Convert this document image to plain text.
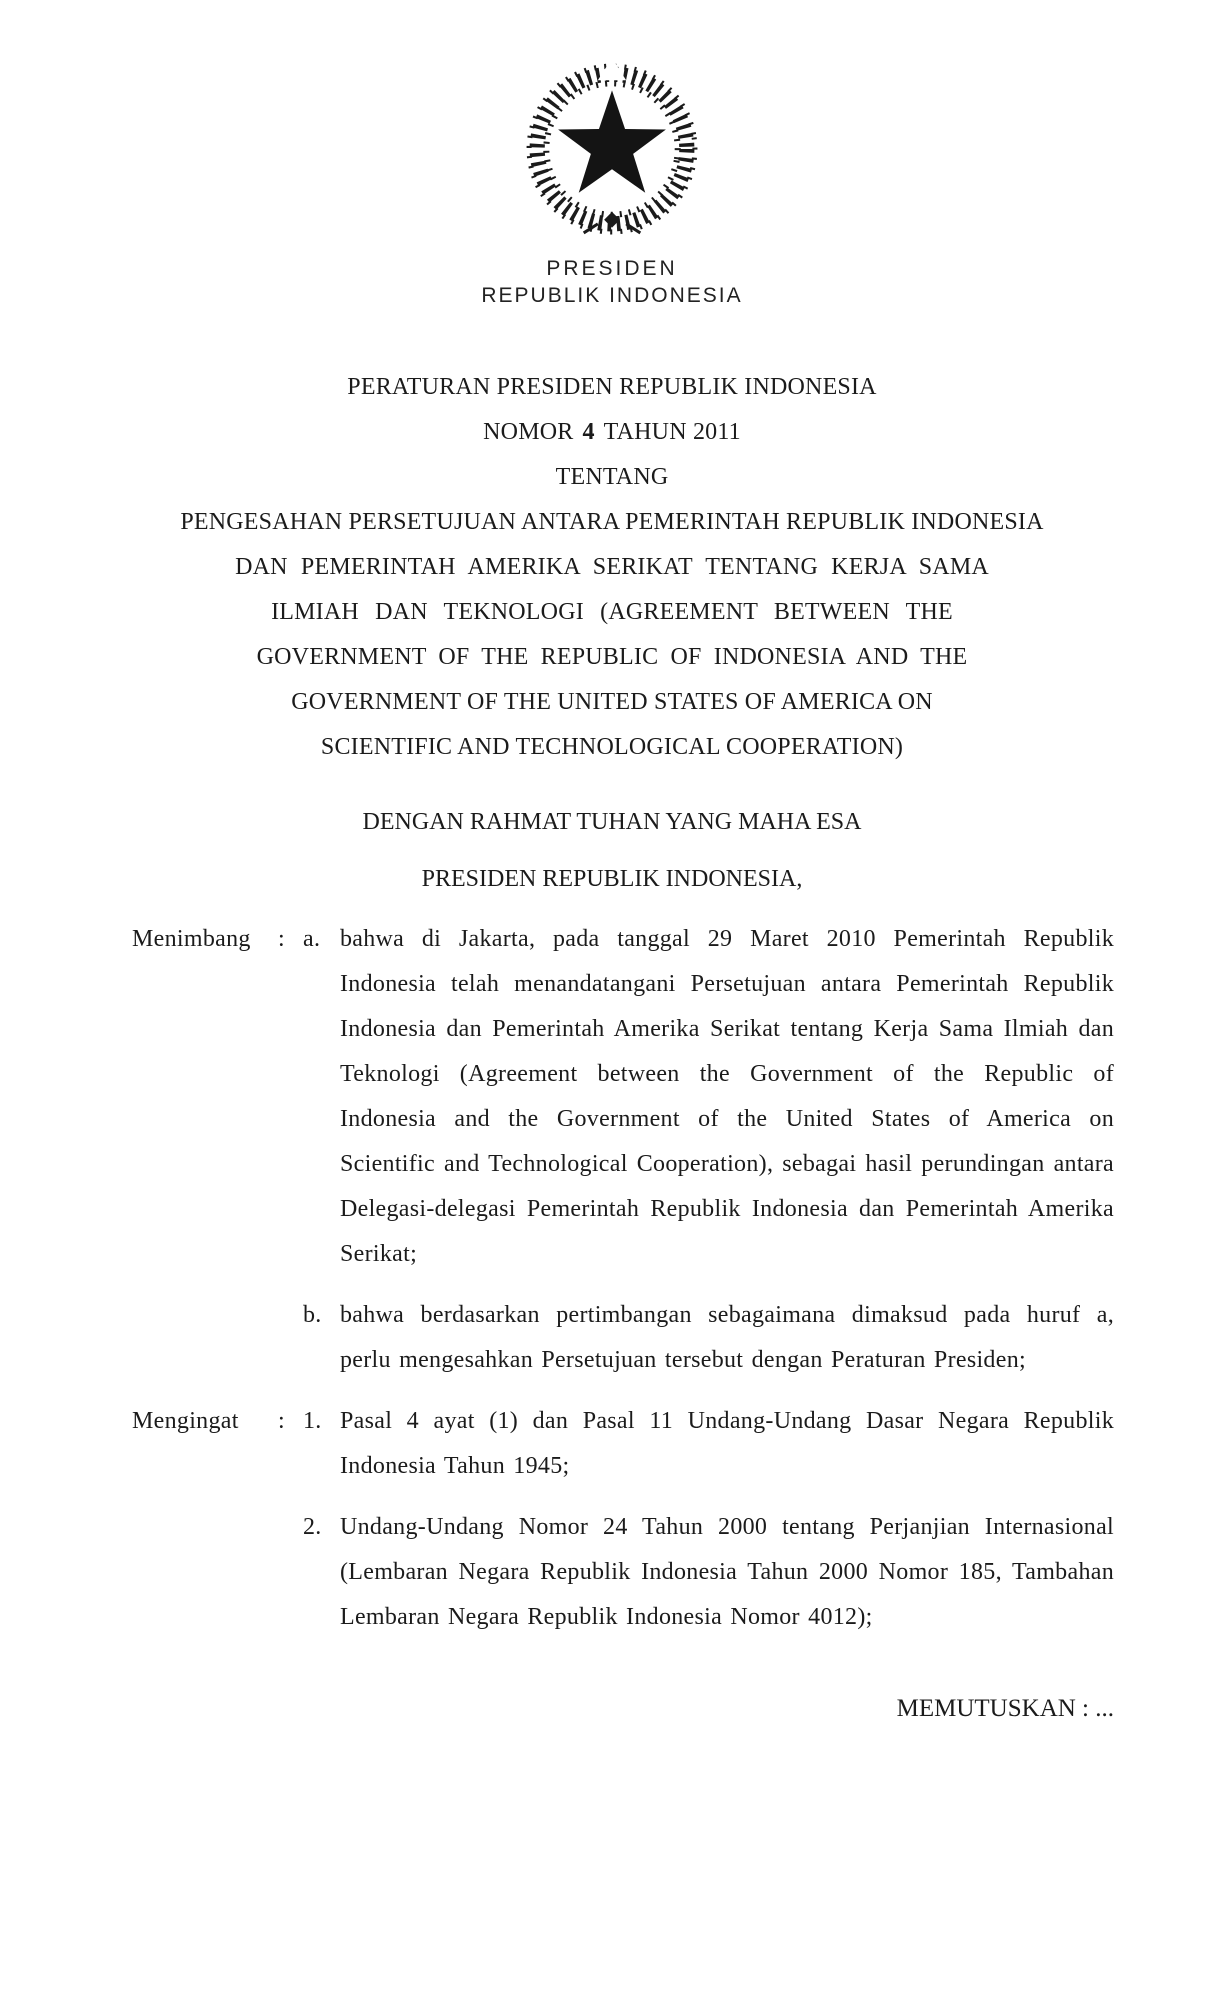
PRESIDEN
REPUBLIK INDONESIA
PERATURAN PRESIDEN REPUBLIK INDONESIA
NOMOR 4 TAHUN 2011
TENTANG
PENGESAHAN PERSETUJUAN ANTARA PEMERINTAH REPUBLIK INDONESIA
DAN PEMERINTAH AMERIKA SERIKAT TENTANG KERJA SAMA
ILMIAH DAN TEKNOLOGI (AGREEMENT BETWEEN THE
GOVERNMENT OF THE REPUBLIC OF INDONESIA AND THE
GOVERNMENT OF THE UNITED STATES OF AMERICA ON
SCIENTIFIC AND TECHNOLOGICAL COOPERATION)
DENGAN RAHMAT TUHAN YANG MAHA ESA
PRESIDEN REPUBLIK INDONESIA,
Menimbang	: a. bahwa di Jakarta, pada tanggal 29 Maret 2010 Pemerintah Republik Indonesia telah menandatangani Persetujuan antara Pemerintah Republik Indonesia dan Pemerintah Amerika Serikat tentang Kerja Sama Ilmiah dan Teknologi (Agreement between the Government of the Republic of Indonesia and the Government of the United States of America on Scientific and Technological Cooperation), sebagai hasil perundingan antara Delegasi-delegasi Pemerintah Republik Indonesia dan Pemerintah Amerika Serikat;
b. bahwa berdasarkan pertimbangan sebagaimana dimaksud pada huruf a, perlu mengesahkan Persetujuan tersebut dengan Peraturan Presiden;
Mengingat	: 1. Pasal 4 ayat (1) dan Pasal 11 Undang-Undang Dasar Negara Republik Indonesia Tahun 1945;
2. Undang-Undang Nomor 24 Tahun 2000 tentang Perjanjian Internasional (Lembaran Negara Republik Indonesia Tahun 2000 Nomor 185, Tambahan Lembaran Negara Republik Indonesia Nomor 4012);
MEMUTUSKAN : ...
